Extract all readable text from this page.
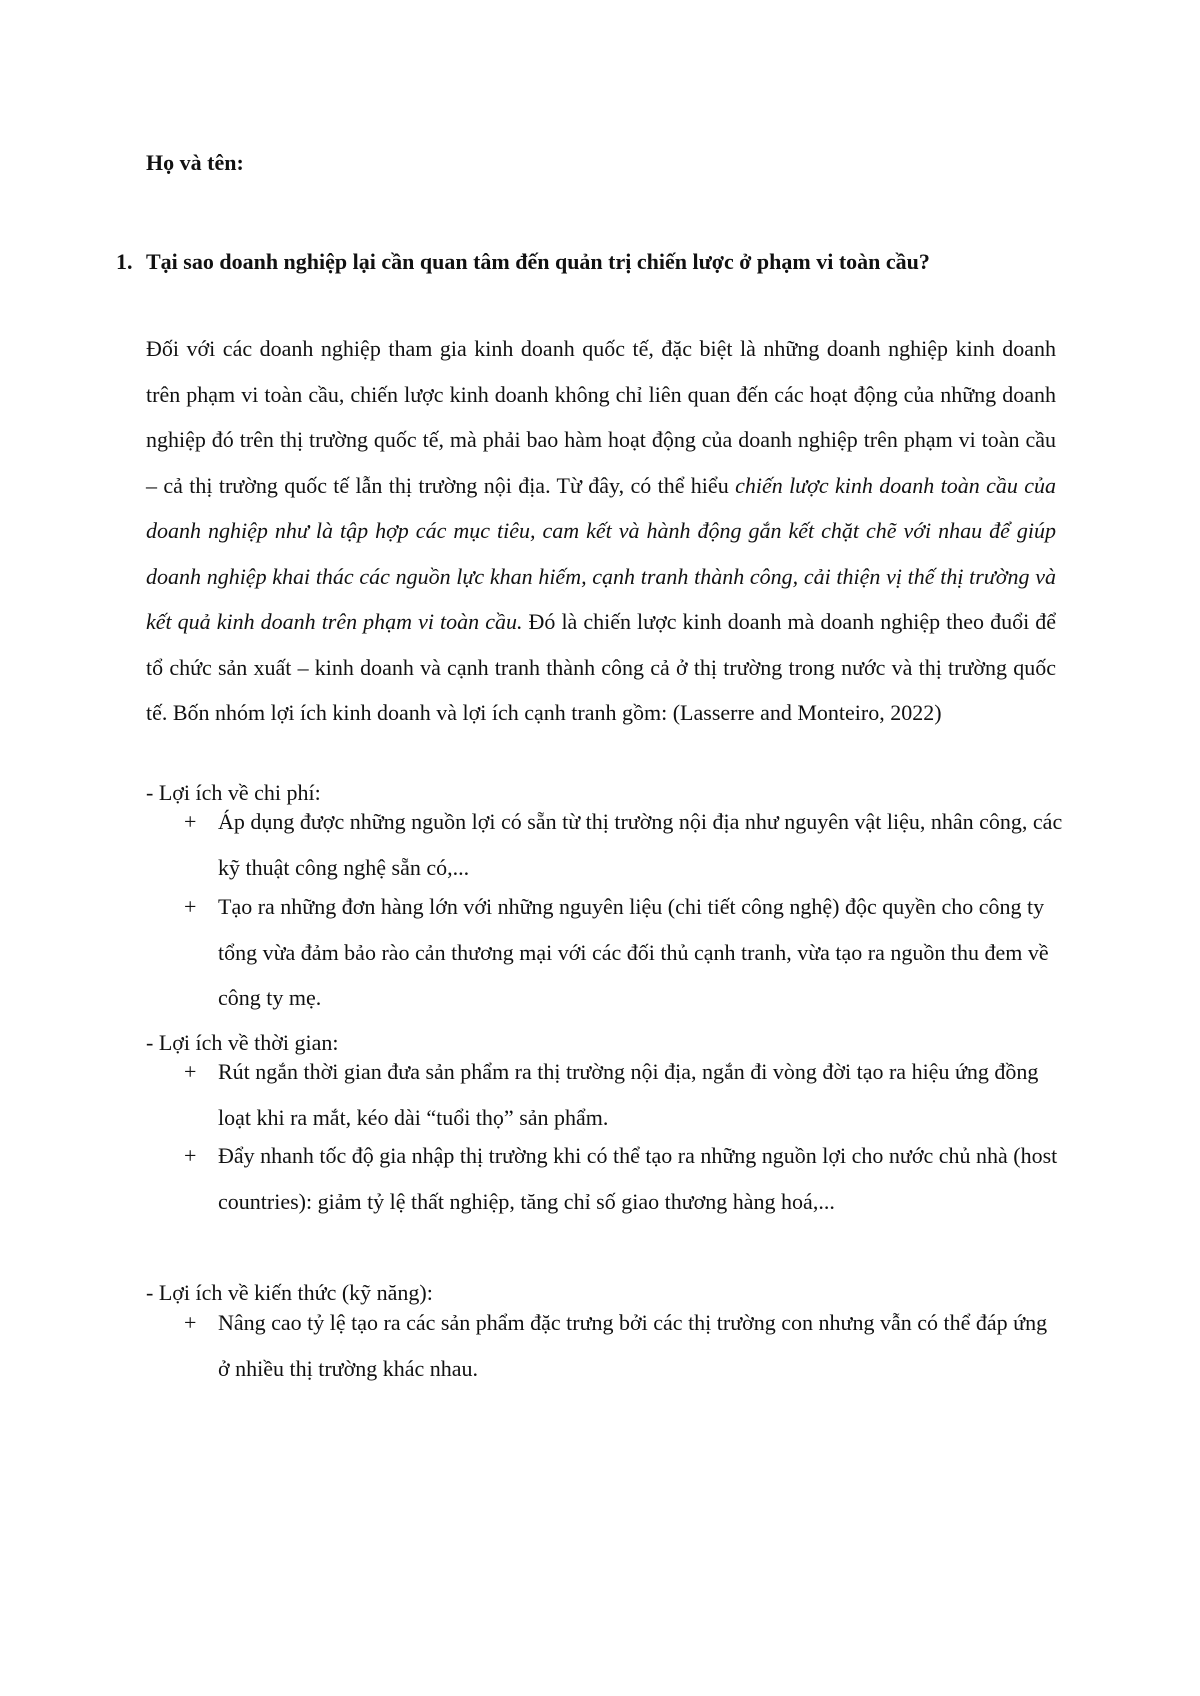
Họ và tên:
1. Tại sao doanh nghiệp lại cần quan tâm đến quản trị chiến lược ở phạm vi toàn cầu?
Đối với các doanh nghiệp tham gia kinh doanh quốc tế, đặc biệt là những doanh nghiệp kinh doanh trên phạm vi toàn cầu, chiến lược kinh doanh không chỉ liên quan đến các hoạt động của những doanh nghiệp đó trên thị trường quốc tế, mà phải bao hàm hoạt động của doanh nghiệp trên phạm vi toàn cầu – cả thị trường quốc tế lẫn thị trường nội địa. Từ đây, có thể hiểu chiến lược kinh doanh toàn cầu của doanh nghiệp như là tập hợp các mục tiêu, cam kết và hành động gắn kết chặt chẽ với nhau để giúp doanh nghiệp khai thác các nguồn lực khan hiếm, cạnh tranh thành công, cải thiện vị thế thị trường và kết quả kinh doanh trên phạm vi toàn cầu. Đó là chiến lược kinh doanh mà doanh nghiệp theo đuổi để tổ chức sản xuất – kinh doanh và cạnh tranh thành công cả ở thị trường trong nước và thị trường quốc tế. Bốn nhóm lợi ích kinh doanh và lợi ích cạnh tranh gồm: (Lasserre and Monteiro, 2022)
- Lợi ích về chi phí:
+ Áp dụng được những nguồn lợi có sẵn từ thị trường nội địa như nguyên vật liệu, nhân công, các kỹ thuật công nghệ sẵn có,...
+ Tạo ra những đơn hàng lớn với những nguyên liệu (chi tiết công nghệ) độc quyền cho công ty tổng vừa đảm bảo rào cản thương mại với các đối thủ cạnh tranh, vừa tạo ra nguồn thu đem về công ty mẹ.
- Lợi ích về thời gian:
+ Rút ngắn thời gian đưa sản phẩm ra thị trường nội địa, ngắn đi vòng đời tạo ra hiệu ứng đồng loạt khi ra mắt, kéo dài “tuổi thọ” sản phẩm.
+ Đẩy nhanh tốc độ gia nhập thị trường khi có thể tạo ra những nguồn lợi cho nước chủ nhà (host countries): giảm tỷ lệ thất nghiệp, tăng chỉ số giao thương hàng hoá,...
- Lợi ích về kiến thức (kỹ năng):
+ Nâng cao tỷ lệ tạo ra các sản phẩm đặc trưng bởi các thị trường con nhưng vẫn có thể đáp ứng ở nhiều thị trường khác nhau.
